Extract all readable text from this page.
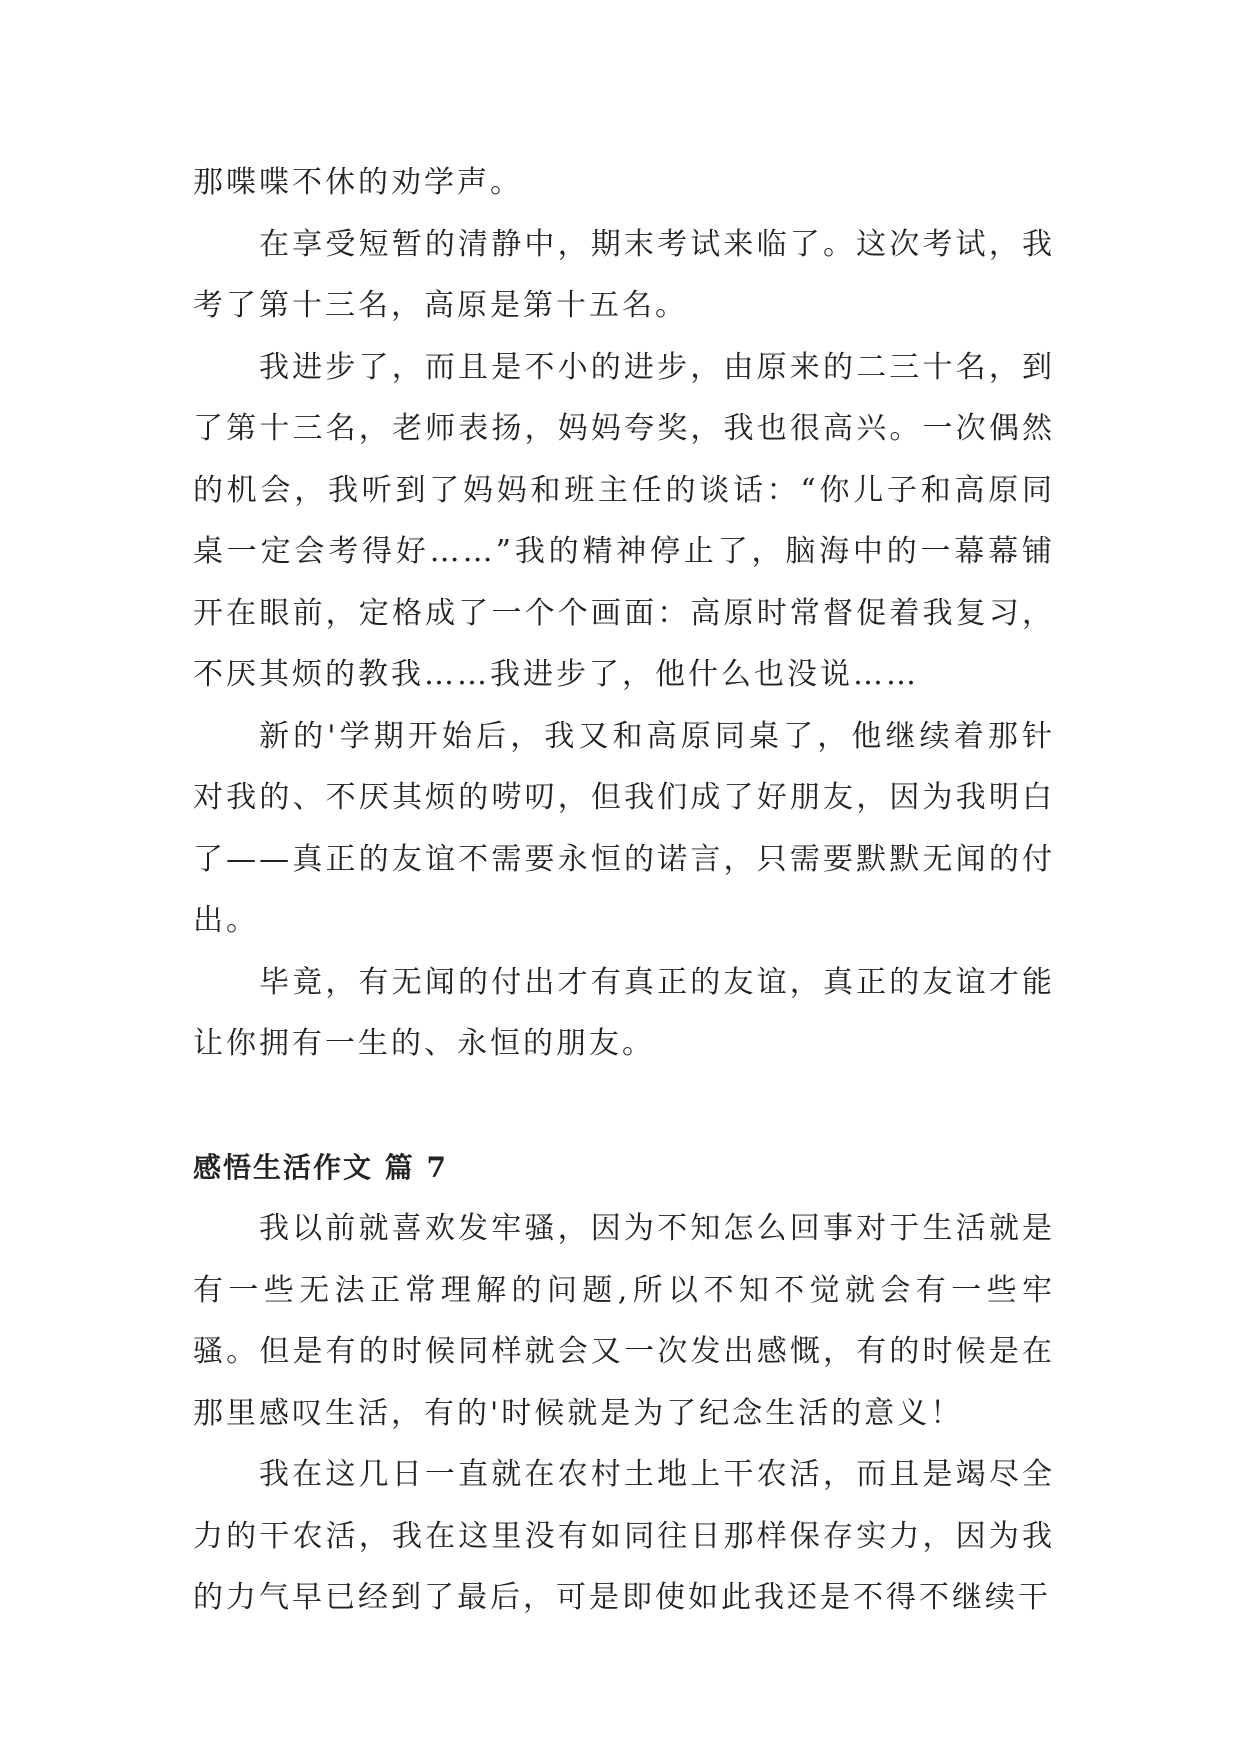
那喋喋不休的劝学声。

在享受短暂的清静中，期末考试来临了。这次考试，我考了第十三名，高原是第十五名。

我进步了，而且是不小的进步，由原来的二三十名，到了第十三名，老师表扬，妈妈夸奖，我也很高兴。一次偶然的机会，我听到了妈妈和班主任的谈话：“你儿子和高原同桌一定会考得好……”我的精神停止了，脑海中的一幕幕铺开在眼前，定格成了一个个画面：高原时常督促着我复习，不厌其烦的教我……我进步了，他什么也没说……

新的'学期开始后，我又和高原同桌了，他继续着那针对我的、不厌其烦的唠叨，但我们成了好朋友，因为我明白了——真正的友谊不需要永恒的诺言，只需要默默无闻的付出。

毕竟，有无闻的付出才有真正的友谊，真正的友谊才能让你拥有一生的、永恒的朋友。

感悟生活作文 篇 7

我以前就喜欢发牢骚，因为不知怎么回事对于生活就是有一些无法正常理解的问题,所以不知不觉就会有一些牢骚。但是有的时候同样就会又一次发出感慨，有的时候是在那里感叹生活，有的'时候就是为了纪念生活的意义！

我在这几日一直就在农村土地上干农活，而且是竭尽全力的干农活，我在这里没有如同往日那样保存实力，因为我的力气早已经到了最后，可是即使如此我还是不得不继续干
